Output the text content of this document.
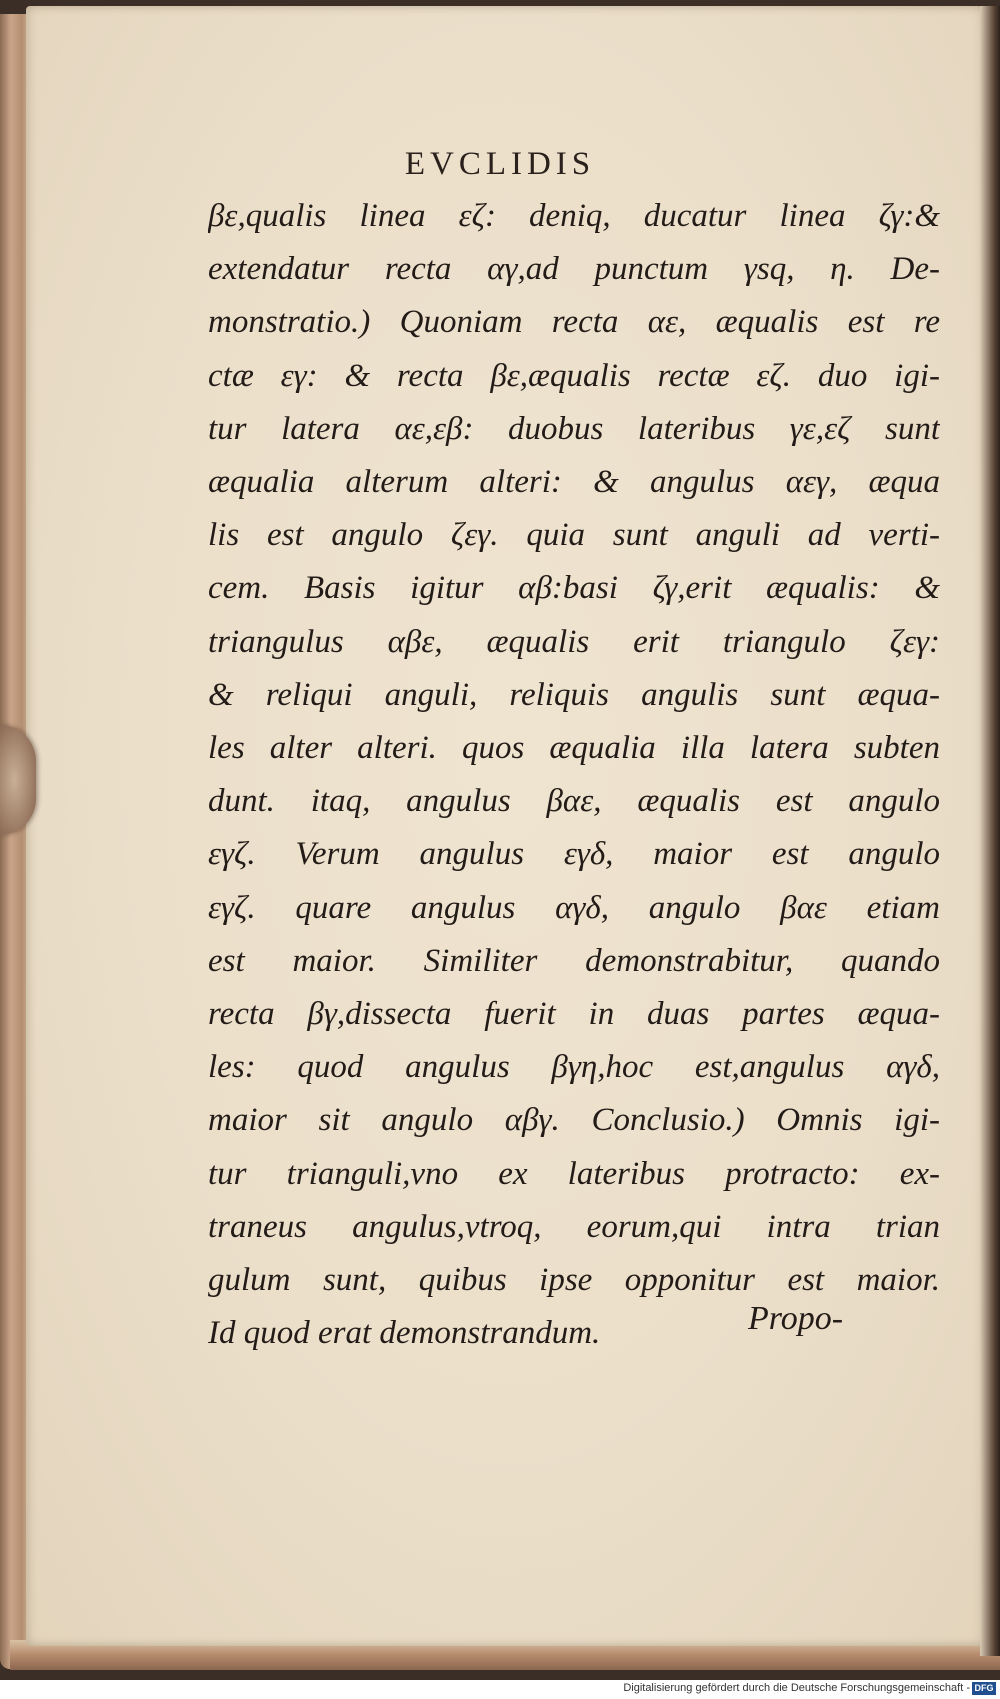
EVCLIDIS
βε,qualis linea εζ: deniq, ducatur linea ζγ:&
extendatur recta αγ,ad punctum γsq, η. De-
monstratio.) Quoniam recta αε, æqualis est re
ctæ εγ: & recta βε,æqualis rectæ εζ. duo igi-
tur latera αε,εβ: duobus lateribus γε,εζ sunt
æqualia alterum alteri: & angulus αεγ, æqua
lis est angulo ζεγ. quia sunt anguli ad verti-
cem. Basis igitur αβ:basi ζγ,erit æqualis: &
triangulus αβε, æqualis erit triangulo ζεγ:
& reliqui anguli, reliquis angulis sunt æqua-
les alter alteri. quos æqualia illa latera subten
dunt. itaq, angulus βαε, æqualis est angulo
εγζ. Verum angulus εγδ, maior est angulo
εγζ. quare angulus αγδ, angulo βαε etiam
est maior. Similiter demonstrabitur, quando
recta βγ,dissecta fuerit in duas partes æqua-
les: quod angulus βγη,hoc est,angulus αγδ,
maior sit angulo αβγ. Conclusio.) Omnis igi-
tur trianguli,vno ex lateribus protracto: ex-
traneus angulus,vtroq, eorum,qui intra trian
gulum sunt, quibus ipse opponitur est maior.
Id quod erat demonstrandum.	Propo-
Digitalisierung gefördert durch die Deutsche Forschungsgemeinschaft - DFG
